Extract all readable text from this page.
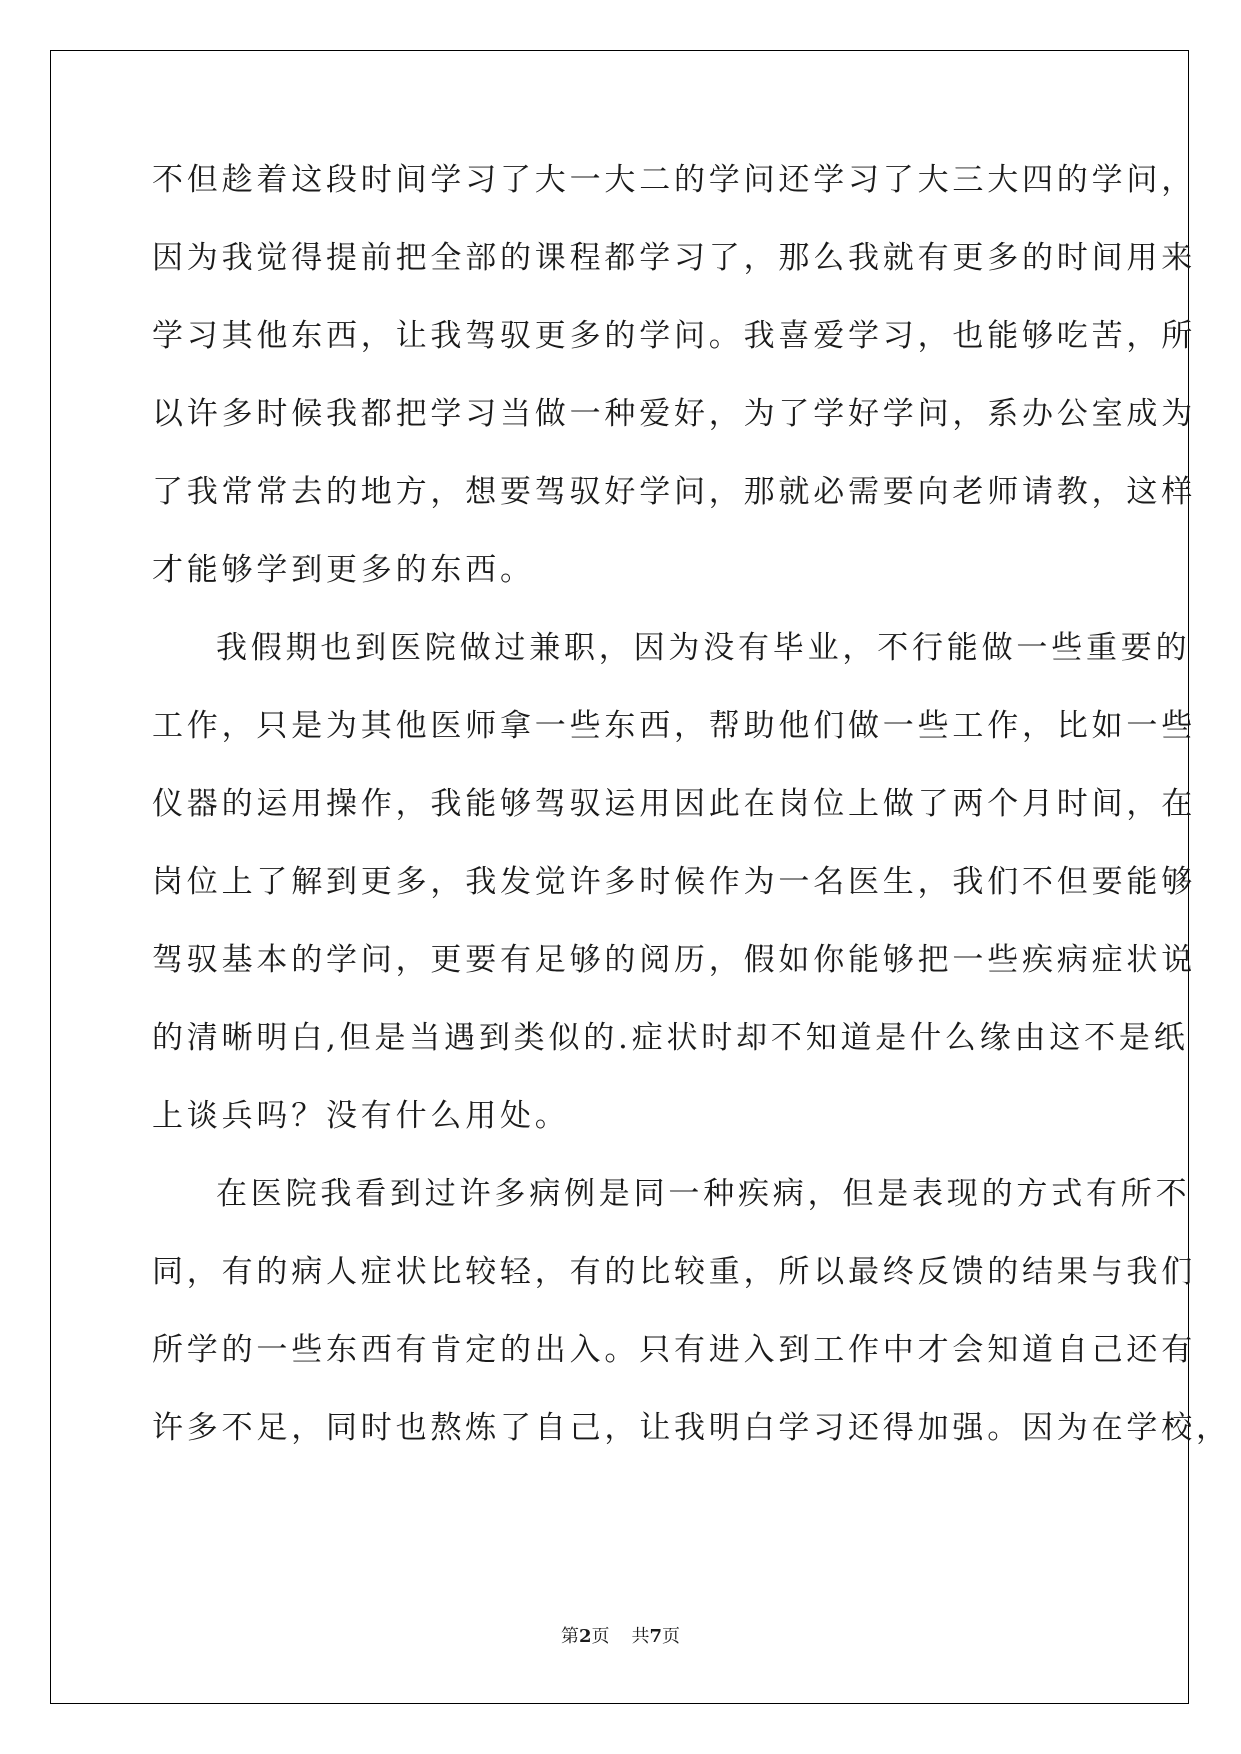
不但趁着这段时间学习了大一大二的学问还学习了大三大四的学问，
因为我觉得提前把全部的课程都学习了，那么我就有更多的时间用来
学习其他东西，让我驾驭更多的学问。我喜爱学习，也能够吃苦，所
以许多时候我都把学习当做一种爱好，为了学好学问，系办公室成为
了我常常去的地方，想要驾驭好学问，那就必需要向老师请教，这样
才能够学到更多的东西。
我假期也到医院做过兼职，因为没有毕业，不行能做一些重要的
工作，只是为其他医师拿一些东西，帮助他们做一些工作，比如一些
仪器的运用操作，我能够驾驭运用因此在岗位上做了两个月时间，在
岗位上了解到更多，我发觉许多时候作为一名医生，我们不但要能够
驾驭基本的学问，更要有足够的阅历，假如你能够把一些疾病症状说
的清晰明白,但是当遇到类似的.症状时却不知道是什么缘由这不是纸
上谈兵吗？没有什么用处。
在医院我看到过许多病例是同一种疾病，但是表现的方式有所不
同，有的病人症状比较轻，有的比较重，所以最终反馈的结果与我们
所学的一些东西有肯定的出入。只有进入到工作中才会知道自己还有
许多不足，同时也熬炼了自己，让我明白学习还得加强。因为在学校，
第2页 共7页
